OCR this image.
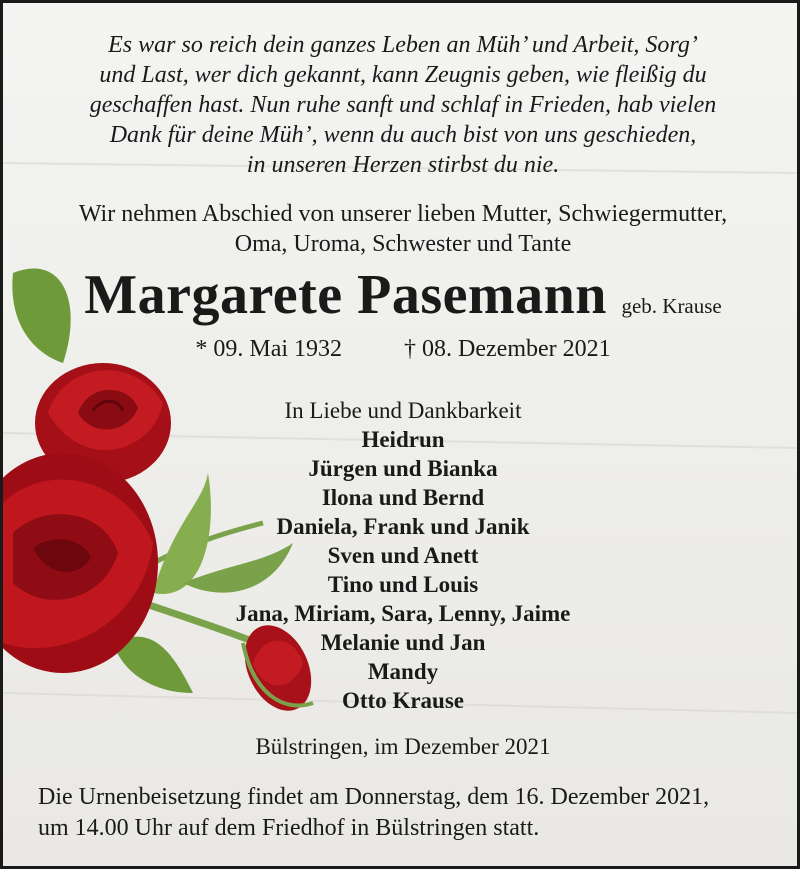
Es war so reich dein ganzes Leben an Müh’ und Arbeit, Sorg’
und Last, wer dich gekannt, kann Zeugnis geben, wie fleißig du
geschaffen hast. Nun ruhe sanft und schlaf in Frieden, hab vielen
Dank für deine Müh’, wenn du auch bist von uns geschieden,
in unseren Herzen stirbst du nie.
Wir nehmen Abschied von unserer lieben Mutter, Schwiegermutter,
Oma, Uroma, Schwester und Tante
Margarete Pasemann geb. Krause
* 09. Mai 1932	† 08. Dezember 2021
In Liebe und Dankbarkeit
Heidrun
Jürgen und Bianka
Ilona und Bernd
Daniela, Frank und Janik
Sven und Anett
Tino und Louis
Jana, Miriam, Sara, Lenny, Jaime
Melanie und Jan
Mandy
Otto Krause
Bülstringen, im Dezember 2021
Die Urnenbeisetzung findet am Donnerstag, dem 16. Dezember 2021,
um 14.00 Uhr auf dem Friedhof in Bülstringen statt.
